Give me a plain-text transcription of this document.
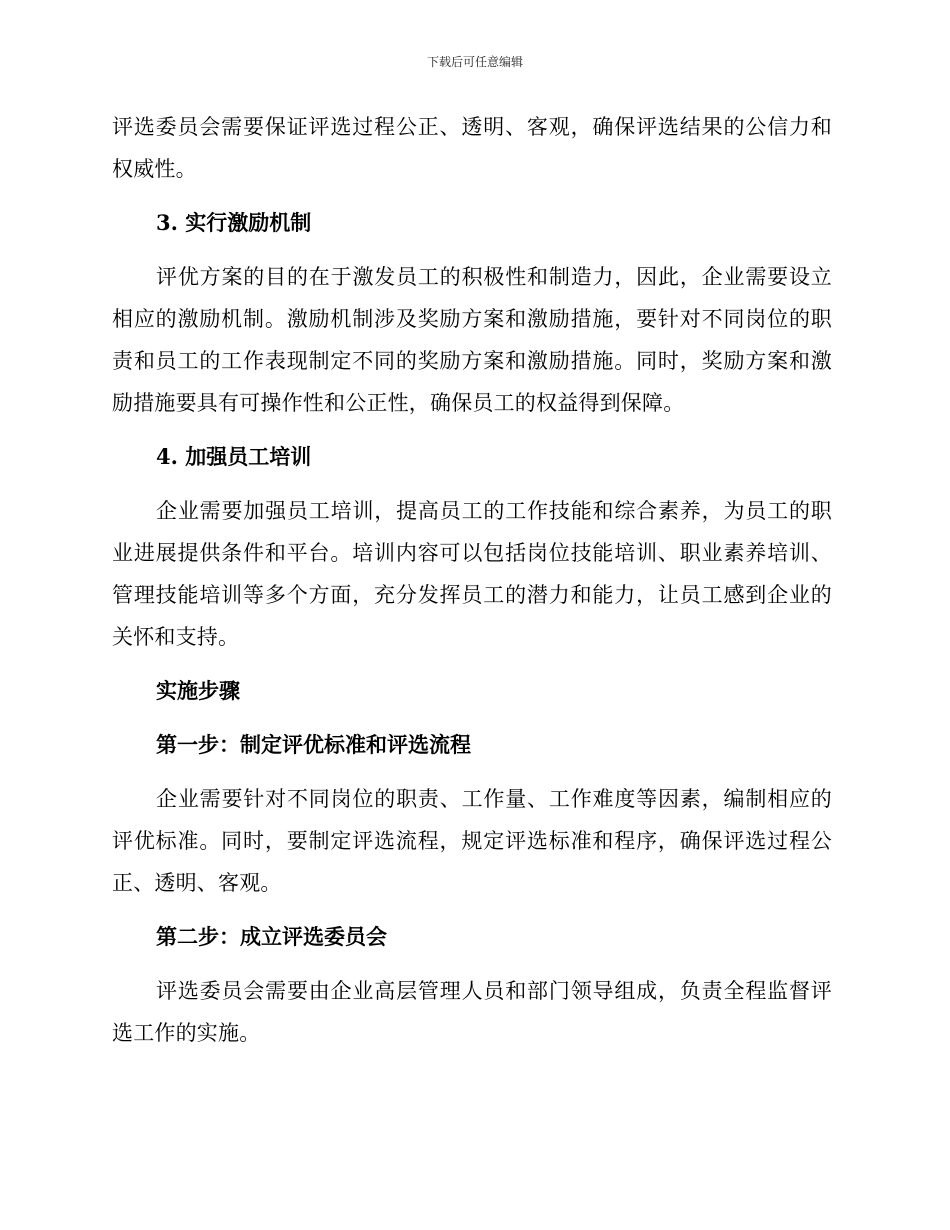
下载后可任意编辑

评选委员会需要保证评选过程公正、透明、客观，确保评选结果的公信力和权威性。

3. 实行激励机制

评优方案的目的在于激发员工的积极性和制造力，因此，企业需要设立相应的激励机制。激励机制涉及奖励方案和激励措施，要针对不同岗位的职责和员工的工作表现制定不同的奖励方案和激励措施。同时，奖励方案和激励措施要具有可操作性和公正性，确保员工的权益得到保障。

4. 加强员工培训

企业需要加强员工培训，提高员工的工作技能和综合素养，为员工的职业进展提供条件和平台。培训内容可以包括岗位技能培训、职业素养培训、管理技能培训等多个方面，充分发挥员工的潜力和能力，让员工感到企业的关怀和支持。

实施步骤
第一步：制定评优标准和评选流程

企业需要针对不同岗位的职责、工作量、工作难度等因素，编制相应的评优标准。同时，要制定评选流程，规定评选标准和程序，确保评选过程公正、透明、客观。

第二步：成立评选委员会

评选委员会需要由企业高层管理人员和部门领导组成，负责全程监督评选工作的实施。
